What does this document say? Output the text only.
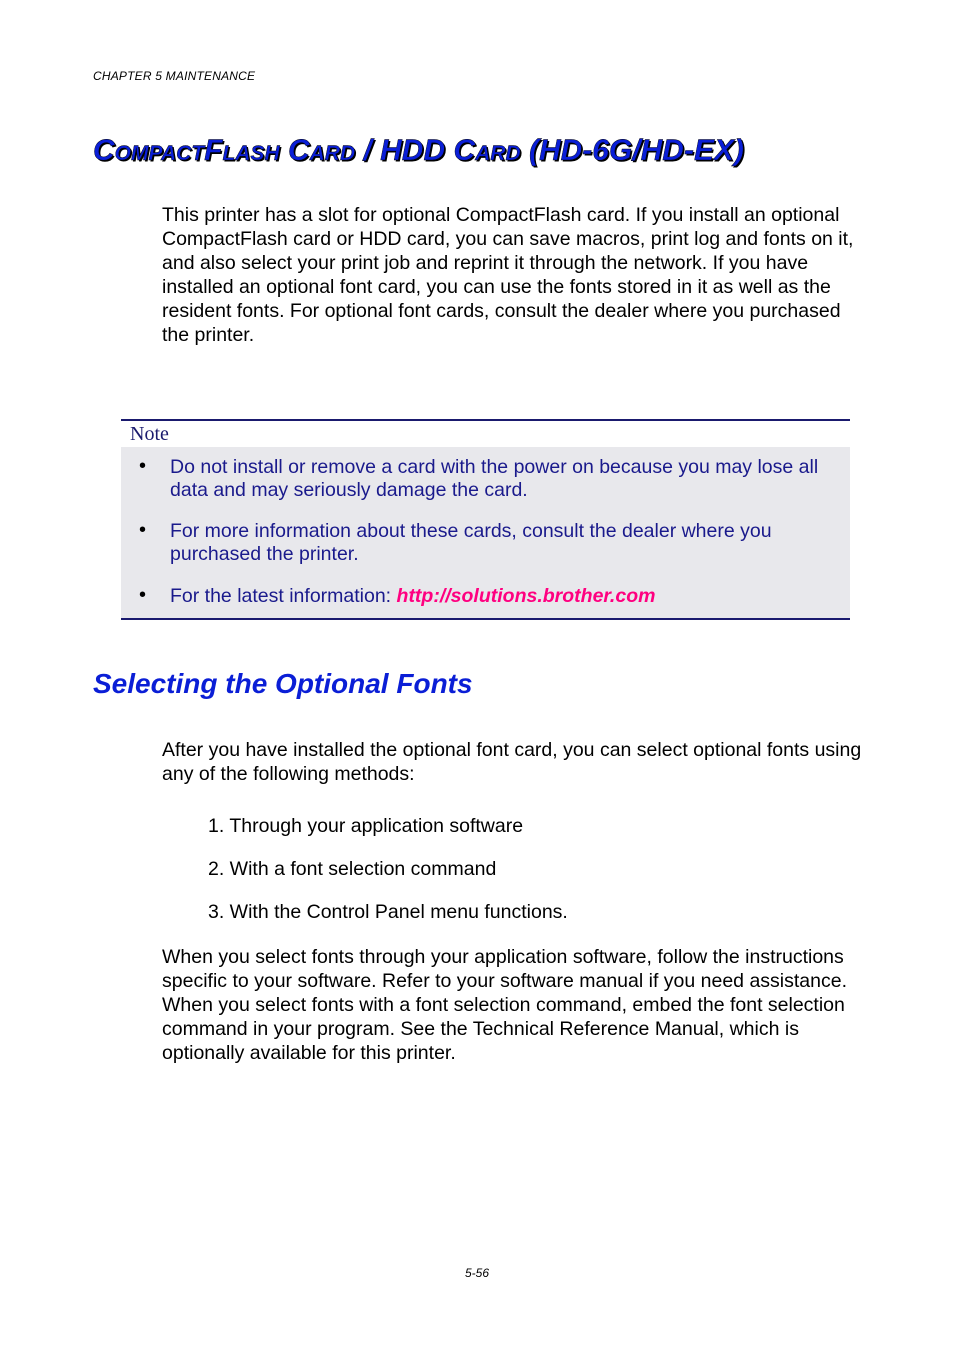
CHAPTER 5 MAINTENANCE
COMPACTFLASH CARD / HDD CARD (HD-6G/HD-EX)

This printer has a slot for optional CompactFlash card. If you install an optional CompactFlash card or HDD card, you can save macros, print log and fonts on it, and also select your print job and reprint it through the network. If you have installed an optional font card, you can use the fonts stored in it as well as the resident fonts. For optional font cards, consult the dealer where you purchased the printer.

Note
• Do not install or remove a card with the power on because you may lose all data and may seriously damage the card.
• For more information about these cards, consult the dealer where you purchased the printer.
• For the latest information: http://solutions.brother.com
Selecting the Optional Fonts

After you have installed the optional font card, you can select optional fonts using any of the following methods:

1. Through your application software
2. With a font selection command
3. With the Control Panel menu functions.

When you select fonts through your application software, follow the instructions specific to your software. Refer to your software manual if you need assistance. When you select fonts with a font selection command, embed the font selection command in your program. See the Technical Reference Manual, which is optionally available for this printer.

5-56
